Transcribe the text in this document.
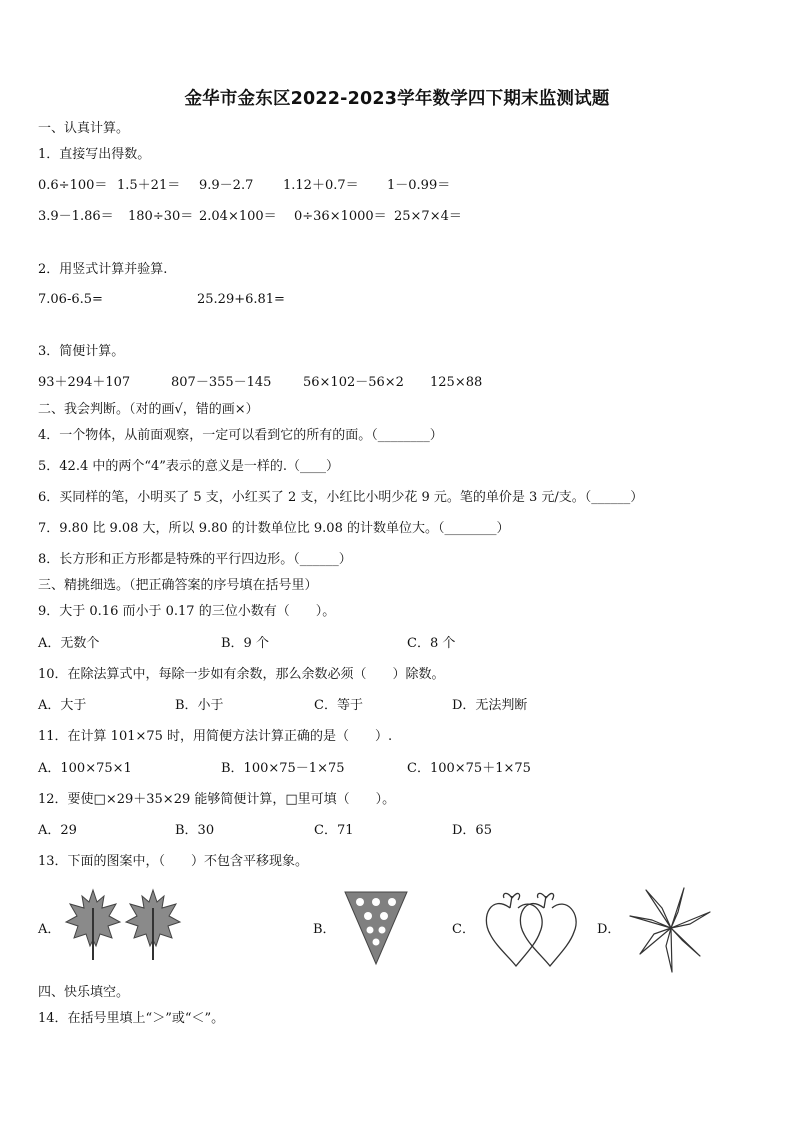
金华市金东区2022-2023学年数学四下期末监测试题
一、认真计算。
1．直接写出得数。
0.6÷100＝ 1.5＋21＝ 9.9－2.7 1.12＋0.7＝ 1－0.99＝
3.9－1.86＝ 180÷30＝ 2.04×100＝ 0÷36×1000＝ 25×7×4＝
2．用竖式计算并验算.
7.06-6.5=	25.29+6.81=
3．简便计算。
93＋294＋107	807－355－145 56×102－56×2 125×88
二、我会判断。（对的画√，错的画×）
4．一个物体，从前面观察，一定可以看到它的所有的面。（________）
5．42.4 中的两个“4”表示的意义是一样的.（____）
6．买同样的笔，小明买了 5 支，小红买了 2 支，小红比小明少花 9 元。笔的单价是 3 元/支。（______）
7．9.80 比 9.08 大，所以 9.80 的计数单位比 9.08 的计数单位大。（________）
8．长方形和正方形都是特殊的平行四边形。（______）
三、精挑细选。（把正确答案的序号填在括号里）
9．大于 0.16 而小于 0.17 的三位小数有（　　）。
A．无数个	B．9 个	C．8 个
10．在除法算式中，每除一步如有余数，那么余数必须（　　）除数。
A．大于	B．小于	C．等于	D．无法判断
11．在计算 101×75 时，用简便方法计算正确的是（　　）.
A．100×75×1	B．100×75－1×75	C．100×75＋1×75
12．要使□×29＋35×29 能够简便计算，□里可填（　　）。
A．29	B．30	C．71	D．65
13．下面的图案中，（　　）不包含平移现象。
A．	B．	C．	D．
四、快乐填空。
14．在括号里填上“＞”或“＜”。
